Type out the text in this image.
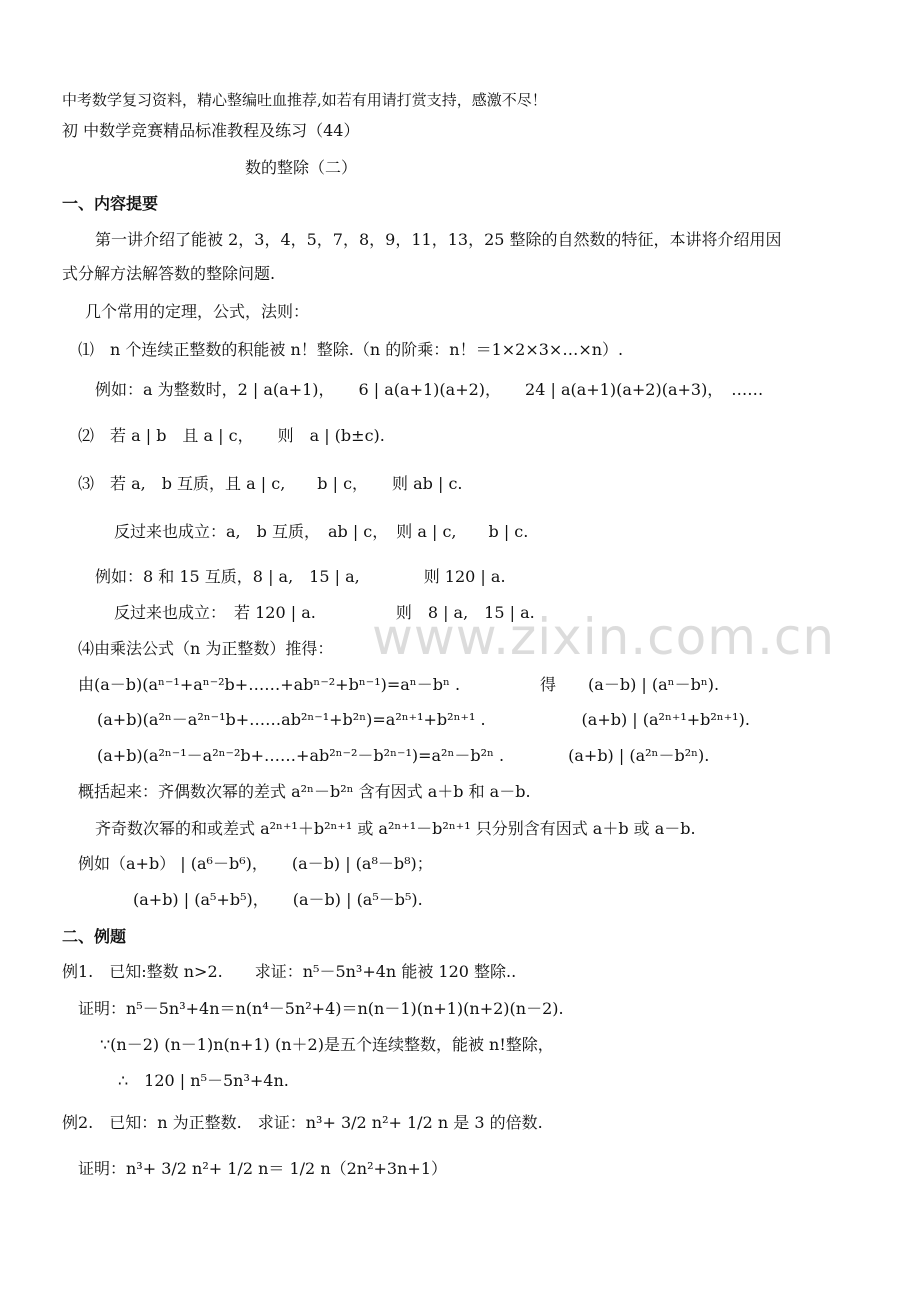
中考数学复习资料，精心整编吐血推荐,如若有用请打赏支持，感激不尽！
初 中数学竞赛精品标准教程及练习（44）
数的整除（二）
一、内容提要
第一讲介绍了能被 2，3，4，5，7，8，9，11，13，25 整除的自然数的特征，本讲将介绍用因
式分解方法解答数的整除问题.
几个常用的定理，公式，法则：
⑴　n 个连续正整数的积能被 n！整除.（n 的阶乘：n！＝1×2×3×…×n）.
例如：a 为整数时，2 | a(a+1)，　　6 | a(a+1)(a+2)，　　24 | a(a+1)(a+2)(a+3)，　……
⑵　若 a | b　且 a | c，　　则　a | (b±c).
⑶　若 a,　b 互质，且 a | c,　　b | c，　　则 ab | c.
反过来也成立：a,　b 互质，　ab | c，　则 a | c,　　b | c.
例如：8 和 15 互质，8 | a,　15 | a,　　　　则 120 | a.
反过来也成立：　若 120 | a.　　　　　则　8 | a,　15 | a.
⑷由乘法公式（n 为正整数）推得：
由(a－b)(aⁿ⁻¹+aⁿ⁻²b+……+abⁿ⁻²+bⁿ⁻¹)=aⁿ－bⁿ .　　　　　得　　(a－b) | (aⁿ－bⁿ).
(a+b)(a²ⁿ－a²ⁿ⁻¹b+……ab²ⁿ⁻¹+b²ⁿ)=a²ⁿ⁺¹+b²ⁿ⁺¹ .　　　　　　(a+b) | (a²ⁿ⁺¹+b²ⁿ⁺¹).
(a+b)(a²ⁿ⁻¹－a²ⁿ⁻²b+……+ab²ⁿ⁻²－b²ⁿ⁻¹)=a²ⁿ－b²ⁿ .　　　　(a+b) | (a²ⁿ－b²ⁿ).
概括起来：齐偶数次幂的差式 a²ⁿ－b²ⁿ 含有因式 a＋b 和 a－b.
齐奇数次幂的和或差式 a²ⁿ⁺¹＋b²ⁿ⁺¹ 或 a²ⁿ⁺¹－b²ⁿ⁺¹ 只分别含有因式 a＋b 或 a－b.
例如（a+b） | (a⁶－b⁶)，　　(a－b) | (a⁸－b⁸)；
(a+b) | (a⁵+b⁵)，　　(a－b) | (a⁵－b⁵).
二、例题
例1.　已知:整数 n>2.　　求证：n⁵－5n³+4n 能被 120 整除..
证明：n⁵－5n³+4n＝n(n⁴－5n²+4)＝n(n－1)(n+1)(n+2)(n－2).
∵(n－2) (n－1)n(n+1) (n＋2)是五个连续整数，能被 n!整除，
∴　120 | n⁵－5n³+4n.
例2.　已知：n 为正整数.　求证：n³+ 3/2 n²+ 1/2 n 是 3 的倍数.
证明：n³+ 3/2 n²+ 1/2 n＝ 1/2 n（2n²+3n+1）
www.zixin.com.cn
